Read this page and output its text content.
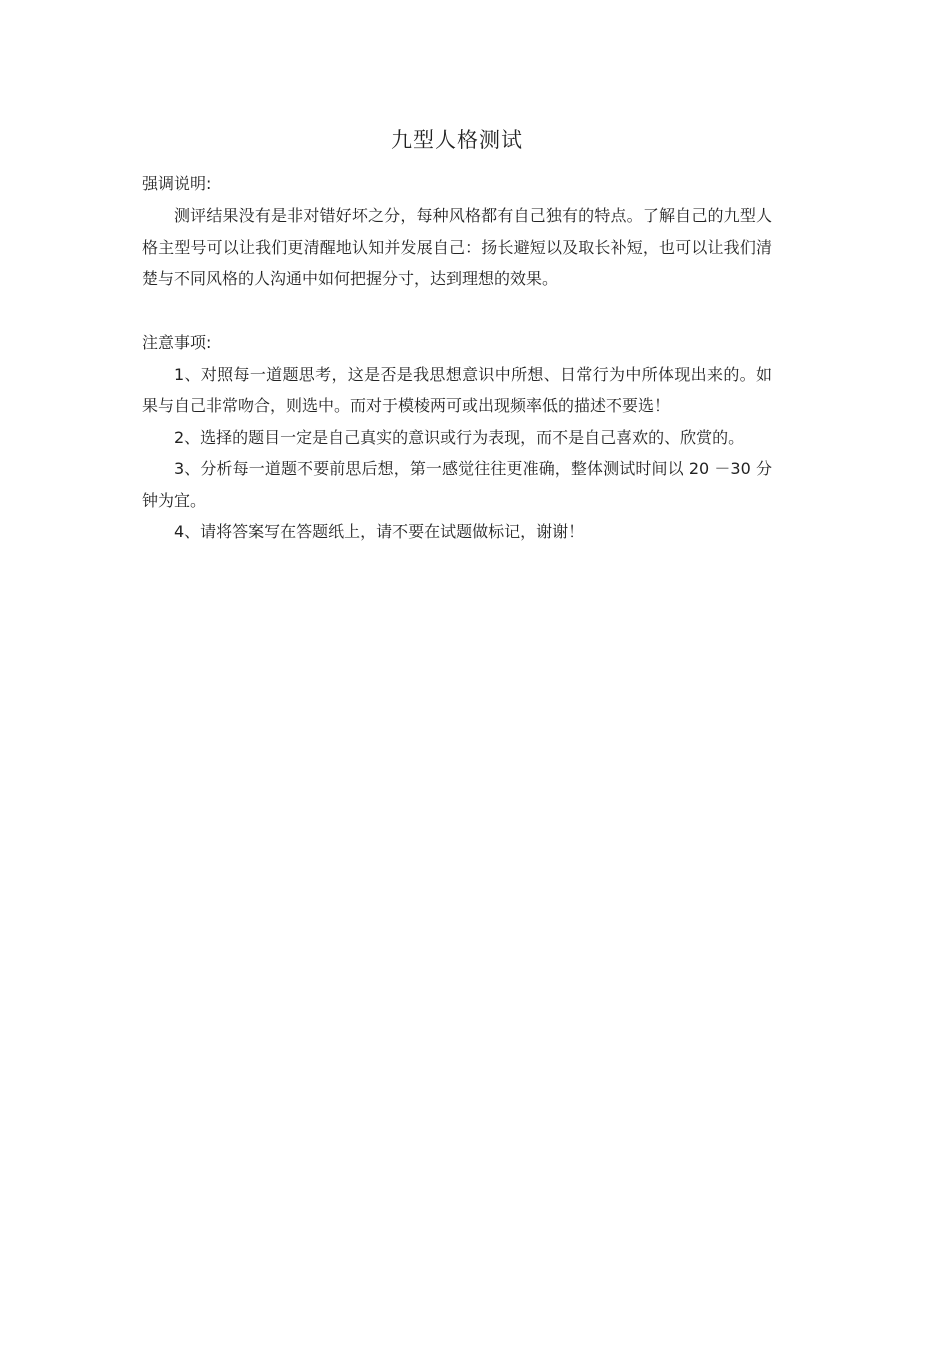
九型人格测试

强调说明:

测评结果没有是非对错好坏之分，每种风格都有自己独有的特点。了解自己的九型人格主型号可以让我们更清醒地认知并发展自己：扬长避短以及取长补短，也可以让我们清楚与不同风格的人沟通中如何把握分寸，达到理想的效果。

注意事项:

1、对照每一道题思考，这是否是我思想意识中所想、日常行为中所体现出来的。如果与自己非常吻合，则选中。而对于模棱两可或出现频率低的描述不要选！

2、选择的题目一定是自己真实的意识或行为表现，而不是自己喜欢的、欣赏的。

3、分析每一道题不要前思后想，第一感觉往往更准确，整体测试时间以 20 －30 分钟为宜。

4、请将答案写在答题纸上，请不要在试题做标记，谢谢！
